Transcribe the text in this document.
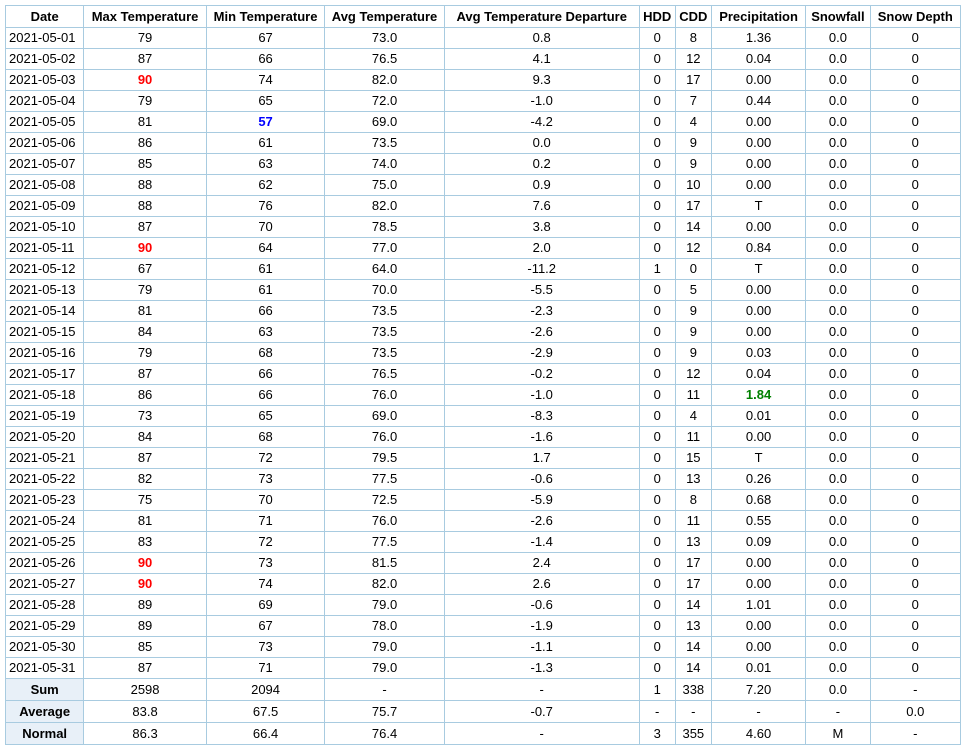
Date	Max Temperature	Min Temperature	Avg Temperature	Avg Temperature Departure	HDD	CDD	Precipitation	Snowfall	Snow Depth
2021-05-01	79	67	73.0	0.8	0	8	1.36	0.0	0
2021-05-02	87	66	76.5	4.1	0	12	0.04	0.0	0
2021-05-03	90	74	82.0	9.3	0	17	0.00	0.0	0
2021-05-04	79	65	72.0	-1.0	0	7	0.44	0.0	0
2021-05-05	81	57	69.0	-4.2	0	4	0.00	0.0	0
2021-05-06	86	61	73.5	0.0	0	9	0.00	0.0	0
2021-05-07	85	63	74.0	0.2	0	9	0.00	0.0	0
2021-05-08	88	62	75.0	0.9	0	10	0.00	0.0	0
2021-05-09	88	76	82.0	7.6	0	17	T	0.0	0
2021-05-10	87	70	78.5	3.8	0	14	0.00	0.0	0
2021-05-11	90	64	77.0	2.0	0	12	0.84	0.0	0
2021-05-12	67	61	64.0	-11.2	1	0	T	0.0	0
2021-05-13	79	61	70.0	-5.5	0	5	0.00	0.0	0
2021-05-14	81	66	73.5	-2.3	0	9	0.00	0.0	0
2021-05-15	84	63	73.5	-2.6	0	9	0.00	0.0	0
2021-05-16	79	68	73.5	-2.9	0	9	0.03	0.0	0
2021-05-17	87	66	76.5	-0.2	0	12	0.04	0.0	0
2021-05-18	86	66	76.0	-1.0	0	11	1.84	0.0	0
2021-05-19	73	65	69.0	-8.3	0	4	0.01	0.0	0
2021-05-20	84	68	76.0	-1.6	0	11	0.00	0.0	0
2021-05-21	87	72	79.5	1.7	0	15	T	0.0	0
2021-05-22	82	73	77.5	-0.6	0	13	0.26	0.0	0
2021-05-23	75	70	72.5	-5.9	0	8	0.68	0.0	0
2021-05-24	81	71	76.0	-2.6	0	11	0.55	0.0	0
2021-05-25	83	72	77.5	-1.4	0	13	0.09	0.0	0
2021-05-26	90	73	81.5	2.4	0	17	0.00	0.0	0
2021-05-27	90	74	82.0	2.6	0	17	0.00	0.0	0
2021-05-28	89	69	79.0	-0.6	0	14	1.01	0.0	0
2021-05-29	89	67	78.0	-1.9	0	13	0.00	0.0	0
2021-05-30	85	73	79.0	-1.1	0	14	0.00	0.0	0
2021-05-31	87	71	79.0	-1.3	0	14	0.01	0.0	0
Sum	2598	2094	-	-	1	338	7.20	0.0	-
Average	83.8	67.5	75.7	-0.7	-	-	-	-	0.0
Normal	86.3	66.4	76.4	-	3	355	4.60	M	-
